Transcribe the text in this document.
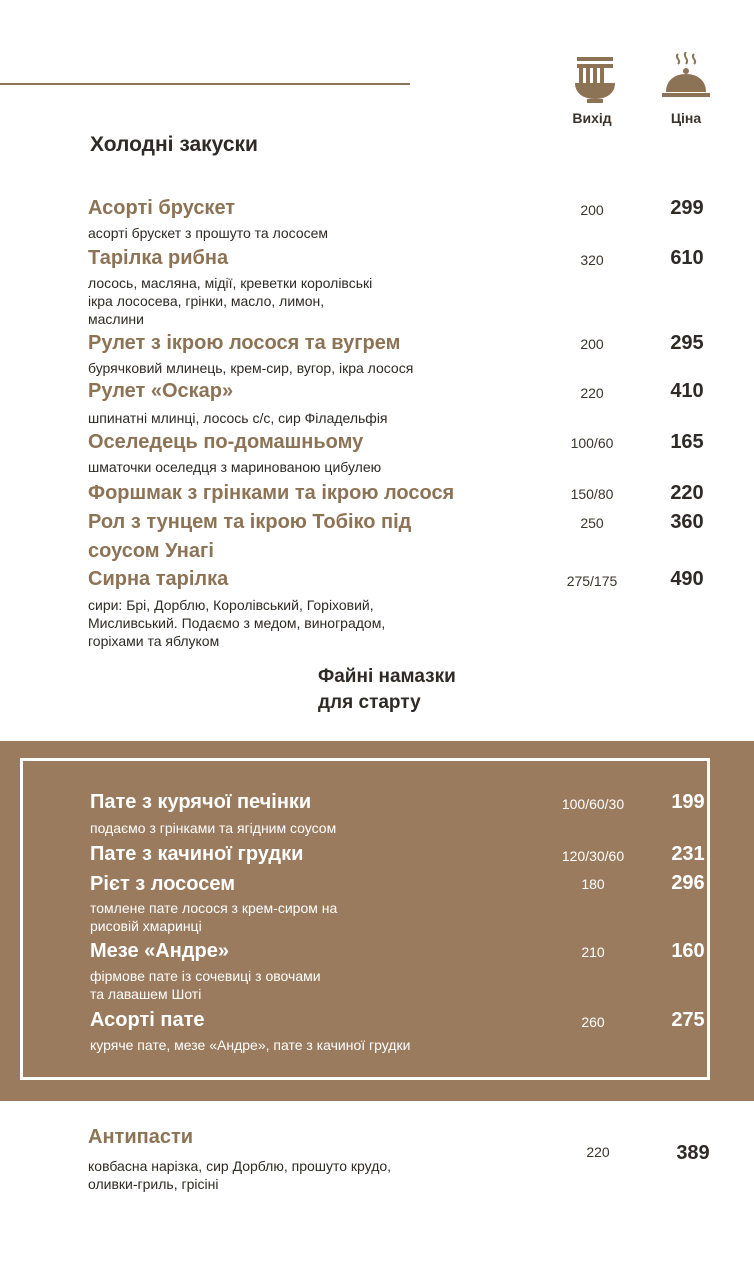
Вихід	Ціна
Холодні закуски
Асорті брускет
асорті брускет з прошуто та лососем
200	299
Тарілка рибна
лосось, масляна, мідії, креветки королівські
ікра лососева, грінки, масло, лимон,
маслини
320	610
Рулет з ікрою лосося та вугрем
бурячковий млинець, крем-сир, вугор, ікра лосося
200	295
Рулет «Оскар»
шпинатні млинці, лосось с/с, сир Філадельфія
220	410
Оселедець по-домашньому
шматочки оселедця з маринованою цибулею
100/60	165
Форшмак з грінками та ікрою лосося	150/80	220
Рол з тунцем та ікрою Тобіко під
соусом Унагі
250	360
Сирна тарілка
сири: Брі, Дорблю, Королівський, Горіховий,
Мисливський. Подаємо з медом, виноградом,
горіхами та яблуком
275/175	490
Файні намазки
для старту
Пате з курячої печінки
подаємо з грінками та ягідним соусом
100/60/30	199
Пате з качиної грудки	120/30/60	231
Рієт з лососем
томлене пате лосося з крем-сиром на
рисовій хмаринці
180	296
Мезе «Андре»
фірмове пате із сочевиці з овочами
та лавашем Шоті
210	160
Асорті пате
куряче пате, мезе «Андре», пате з качиної грудки
260	275
Антипасти
ковбасна нарізка, сир Дорблю, прошуто крудо,
оливки-гриль, грісіні
220	389
